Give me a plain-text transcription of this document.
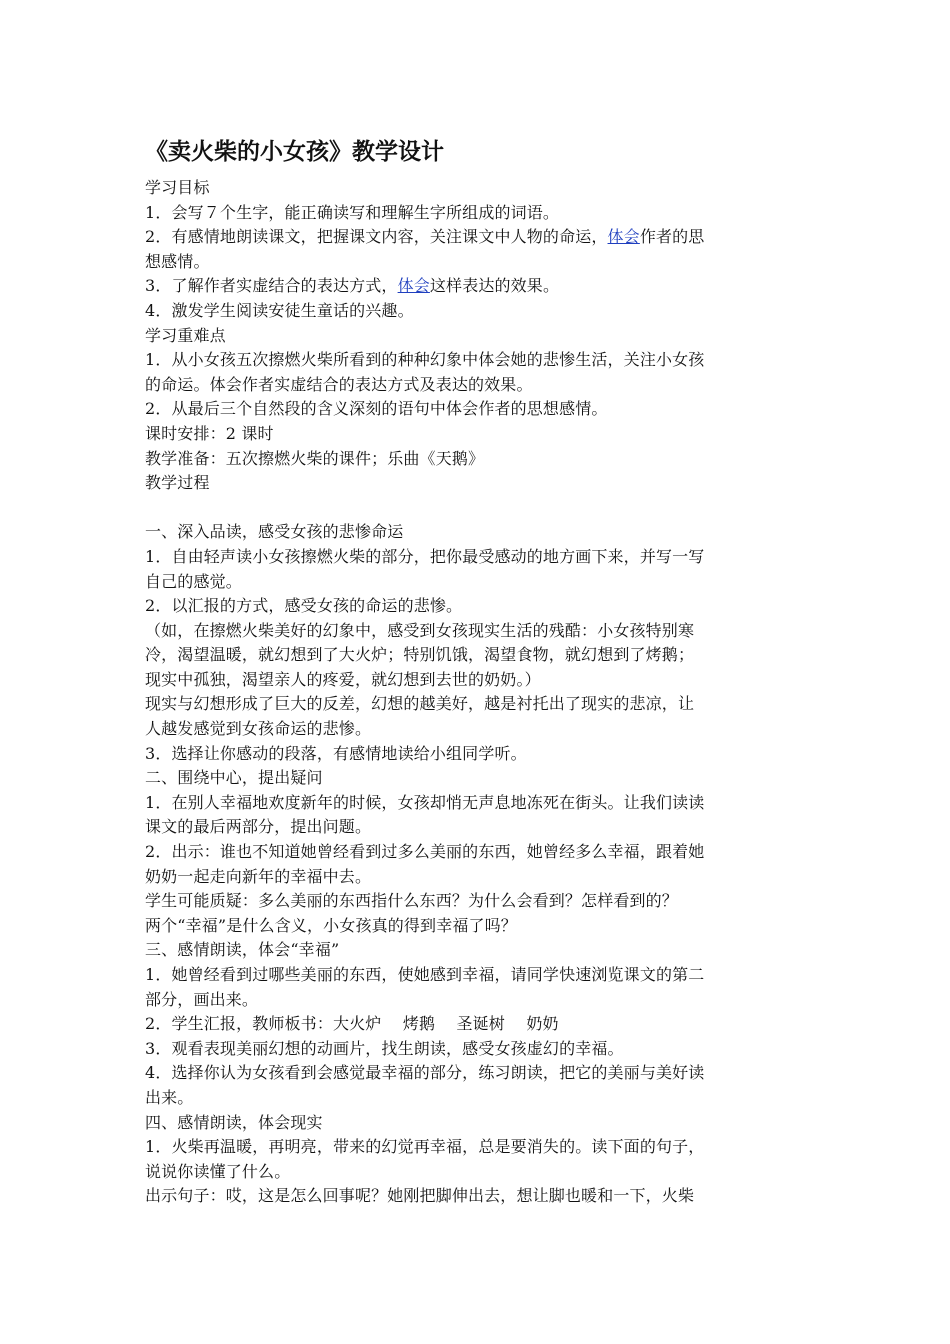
《卖火柴的小女孩》教学设计
学习目标
1．会写７个生字，能正确读写和理解生字所组成的词语。
2．有感情地朗读课文，把握课文内容，关注课文中人物的命运，体会作者的思
想感情。
3．了解作者实虚结合的表达方式，体会这样表达的效果。
4．激发学生阅读安徒生童话的兴趣。
学习重难点
1．从小女孩五次擦燃火柴所看到的种种幻象中体会她的悲惨生活，关注小女孩
的命运。体会作者实虚结合的表达方式及表达的效果。
2．从最后三个自然段的含义深刻的语句中体会作者的思想感情。
课时安排：2 课时
教学准备：五次擦燃火柴的课件；乐曲《天鹅》
教学过程
一、深入品读，感受女孩的悲惨命运
1．自由轻声读小女孩擦燃火柴的部分，把你最受感动的地方画下来，并写一写
自己的感觉。
2．以汇报的方式，感受女孩的命运的悲惨。
（如，在擦燃火柴美好的幻象中，感受到女孩现实生活的残酷：小女孩特别寒
冷，渴望温暖，就幻想到了大火炉；特别饥饿，渴望食物，就幻想到了烤鹅；
现实中孤独，渴望亲人的疼爱，就幻想到去世的奶奶。）
现实与幻想形成了巨大的反差，幻想的越美好，越是衬托出了现实的悲凉，让
人越发感觉到女孩命运的悲惨。
3．选择让你感动的段落，有感情地读给小组同学听。
二、围绕中心，提出疑问
1．在别人幸福地欢度新年的时候，女孩却悄无声息地冻死在街头。让我们读读
课文的最后两部分，提出问题。
2．出示：谁也不知道她曾经看到过多么美丽的东西，她曾经多么幸福，跟着她
奶奶一起走向新年的幸福中去。
学生可能质疑：多么美丽的东西指什么东西？为什么会看到？怎样看到的？
两个“幸福”是什么含义，小女孩真的得到幸福了吗？
三、感情朗读，体会“幸福”
1．她曾经看到过哪些美丽的东西，使她感到幸福，请同学快速浏览课文的第二
部分，画出来。
2．学生汇报，教师板书：大火炉　 烤鹅　 圣诞树　 奶奶
3．观看表现美丽幻想的动画片，找生朗读，感受女孩虚幻的幸福。
4．选择你认为女孩看到会感觉最幸福的部分，练习朗读，把它的美丽与美好读
出来。
四、感情朗读，体会现实
1．火柴再温暖，再明亮，带来的幻觉再幸福，总是要消失的。读下面的句子，
说说你读懂了什么。
出示句子：哎，这是怎么回事呢？她刚把脚伸出去，想让脚也暖和一下，火柴
